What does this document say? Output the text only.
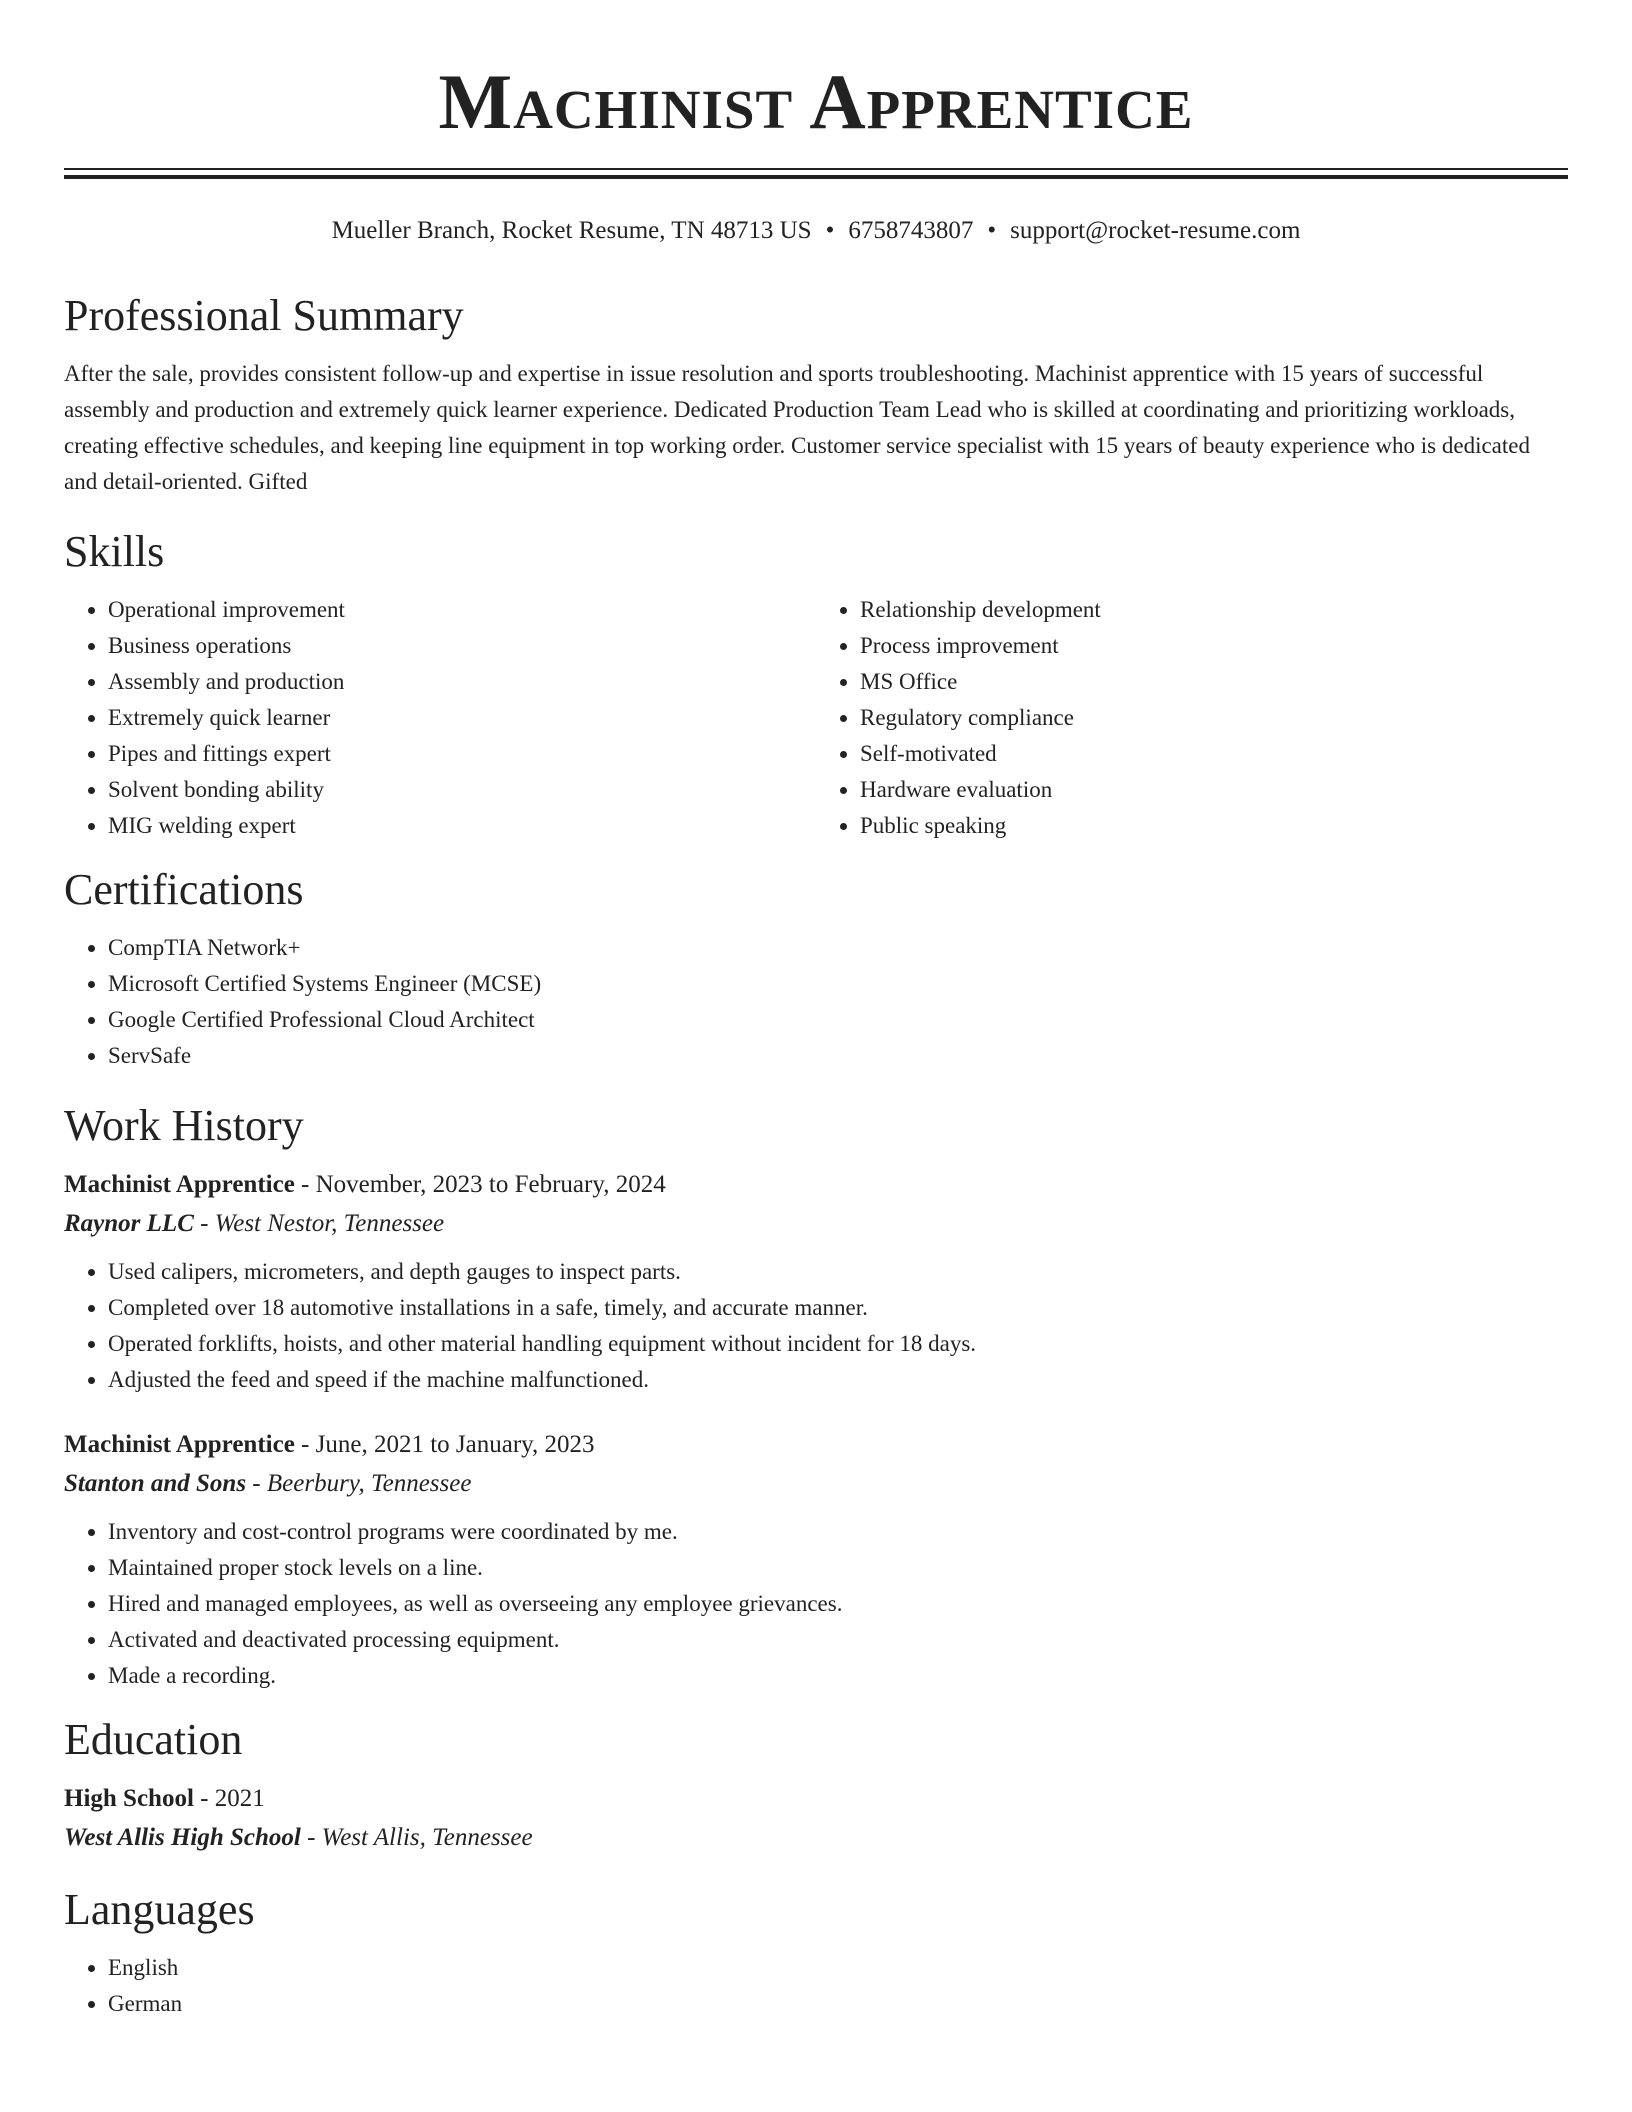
Machinist Apprentice
Mueller Branch, Rocket Resume, TN 48713 US • 6758743807 • support@rocket-resume.com
Professional Summary

After the sale, provides consistent follow-up and expertise in issue resolution and sports troubleshooting. Machinist apprentice with 15 years of successful assembly and production and extremely quick learner experience. Dedicated Production Team Lead who is skilled at coordinating and prioritizing workloads, creating effective schedules, and keeping line equipment in top working order. Customer service specialist with 15 years of beauty experience who is dedicated and detail-oriented. Gifted

Skills
• Operational improvement
• Business operations
• Assembly and production
• Extremely quick learner
• Pipes and fittings expert
• Solvent bonding ability
• MIG welding expert
• Relationship development
• Process improvement
• MS Office
• Regulatory compliance
• Self-motivated
• Hardware evaluation
• Public speaking
Certifications
• CompTIA Network+
• Microsoft Certified Systems Engineer (MCSE)
• Google Certified Professional Cloud Architect
• ServSafe
Work History
Machinist Apprentice - November, 2023 to February, 2024
Raynor LLC - West Nestor, Tennessee
• Used calipers, micrometers, and depth gauges to inspect parts.
• Completed over 18 automotive installations in a safe, timely, and accurate manner.
• Operated forklifts, hoists, and other material handling equipment without incident for 18 days.
• Adjusted the feed and speed if the machine malfunctioned.
Machinist Apprentice - June, 2021 to January, 2023
Stanton and Sons - Beerbury, Tennessee
• Inventory and cost-control programs were coordinated by me.
• Maintained proper stock levels on a line.
• Hired and managed employees, as well as overseeing any employee grievances.
• Activated and deactivated processing equipment.
• Made a recording.
Education
High School - 2021
West Allis High School - West Allis, Tennessee
Languages
• English
• German
